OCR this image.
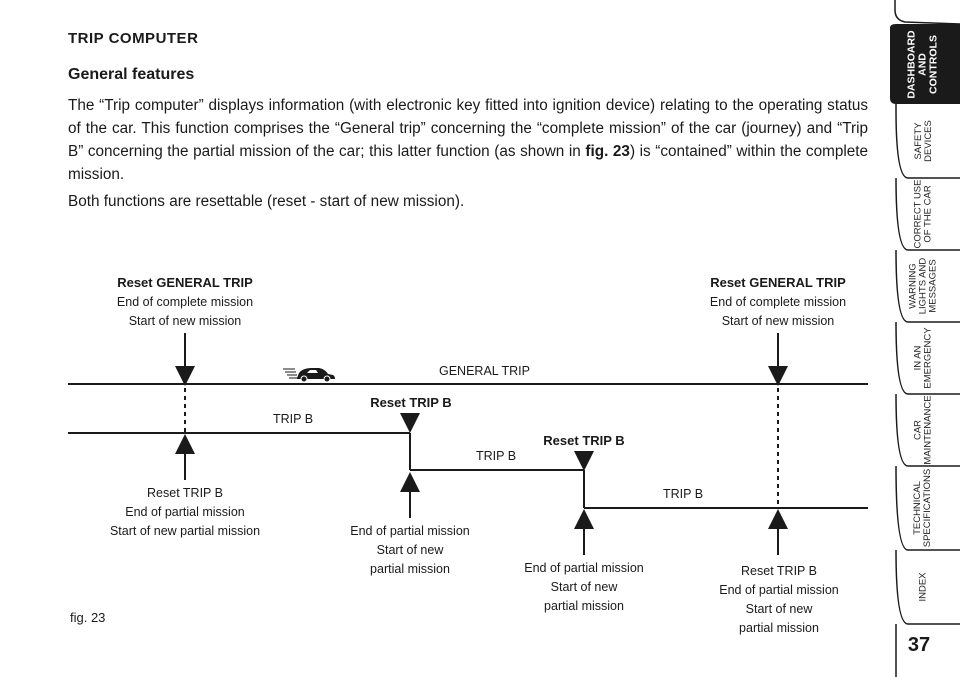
TRIP COMPUTER
General features

The “Trip computer” displays information (with electronic key fitted into ignition device) relating to the operating status of the car. This function comprises the “General trip” concerning the “complete mission” of the car (journey) and “Trip B” concerning the partial mission of the car; this latter function (as shown in fig. 23) is “contained” within the complete mission.

Both functions are resettable (reset - start of new mission).

GENERAL TRIP
TRIP B
TRIP B
TRIP B
Reset GENERAL TRIP
End of complete mission
Start of new mission
Reset GENERAL TRIP
End of complete mission
Start of new mission
Reset TRIP B
Reset TRIP B
Reset TRIP B
End of partial mission
Start of new partial mission	End of partial mission
Start of new
partial mission	End of partial mission
Start of new
partial mission
Reset TRIP B
End of partial mission
Start of new
partial mission
fig. 23
DASHBOARD
AND
CONTROLS
SAFETY
DEVICES
CORRECT USE
OF THE CAR
WARNING
LIGHTS AND
MESSAGES
IN AN
EMERGENCY
CAR
MAINTENANCE
TECHNICAL
SPECIFICATIONS
INDEX
37
